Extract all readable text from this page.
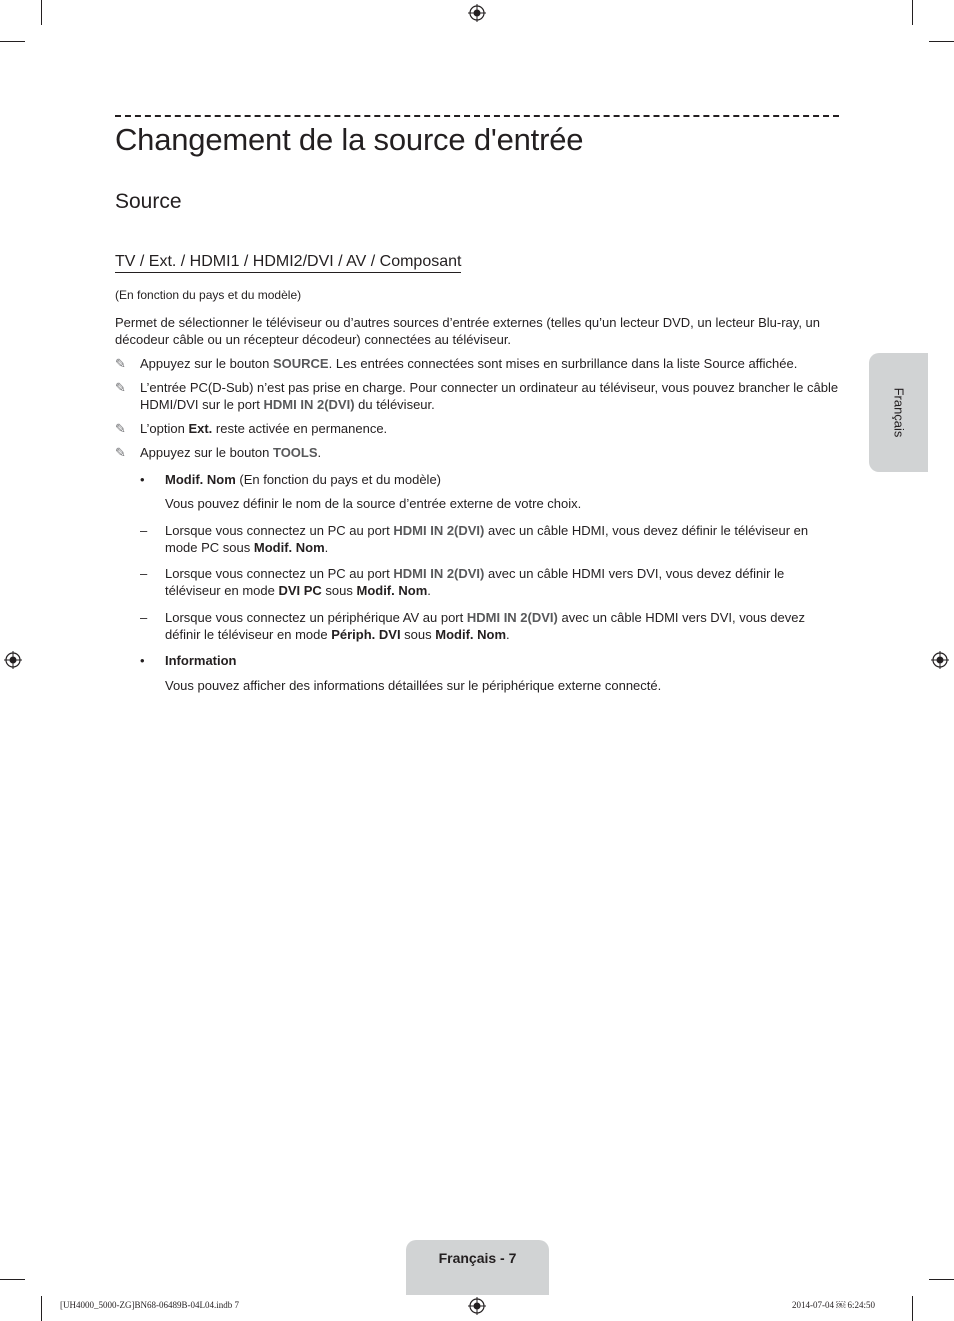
Changement de la source d'entrée
Source
TV / Ext. / HDMI1 / HDMI2/DVI / AV / Composant
(En fonction du pays et du modèle)
Permet de sélectionner le téléviseur ou d’autres sources d’entrée externes (telles qu’un lecteur DVD, un lecteur Blu-ray, un décodeur câble ou un récepteur décodeur) connectées au téléviseur.
✎	Appuyez sur le bouton SOURCE. Les entrées connectées sont mises en surbrillance dans la liste Source affichée.
✎	L’entrée PC(D-Sub) n’est pas prise en charge. Pour connecter un ordinateur au téléviseur, vous pouvez brancher le câble HDMI/DVI sur le port HDMI IN 2(DVI) du téléviseur.
✎	L’option Ext. reste activée en permanence.
✎	Appuyez sur le bouton TOOLS.
•	Modif. Nom (En fonction du pays et du modèle)
Vous pouvez définir le nom de la source d’entrée externe de votre choix.
–	Lorsque vous connectez un PC au port HDMI IN 2(DVI) avec un câble HDMI, vous devez définir le téléviseur en mode PC sous Modif. Nom.
–	Lorsque vous connectez un PC au port HDMI IN 2(DVI) avec un câble HDMI vers DVI, vous devez définir le téléviseur en mode DVI PC sous Modif. Nom.
–	Lorsque vous connectez un périphérique AV au port HDMI IN 2(DVI) avec un câble HDMI vers DVI, vous devez définir le téléviseur en mode Périph. DVI sous Modif. Nom.
•	Information
Vous pouvez afficher des informations détaillées sur le périphérique externe connecté.
Français
Français - 7
[UH4000_5000-ZG]BN68-06489B-04L04.indb 7	2014-07-04 ￼ 6:24:50
